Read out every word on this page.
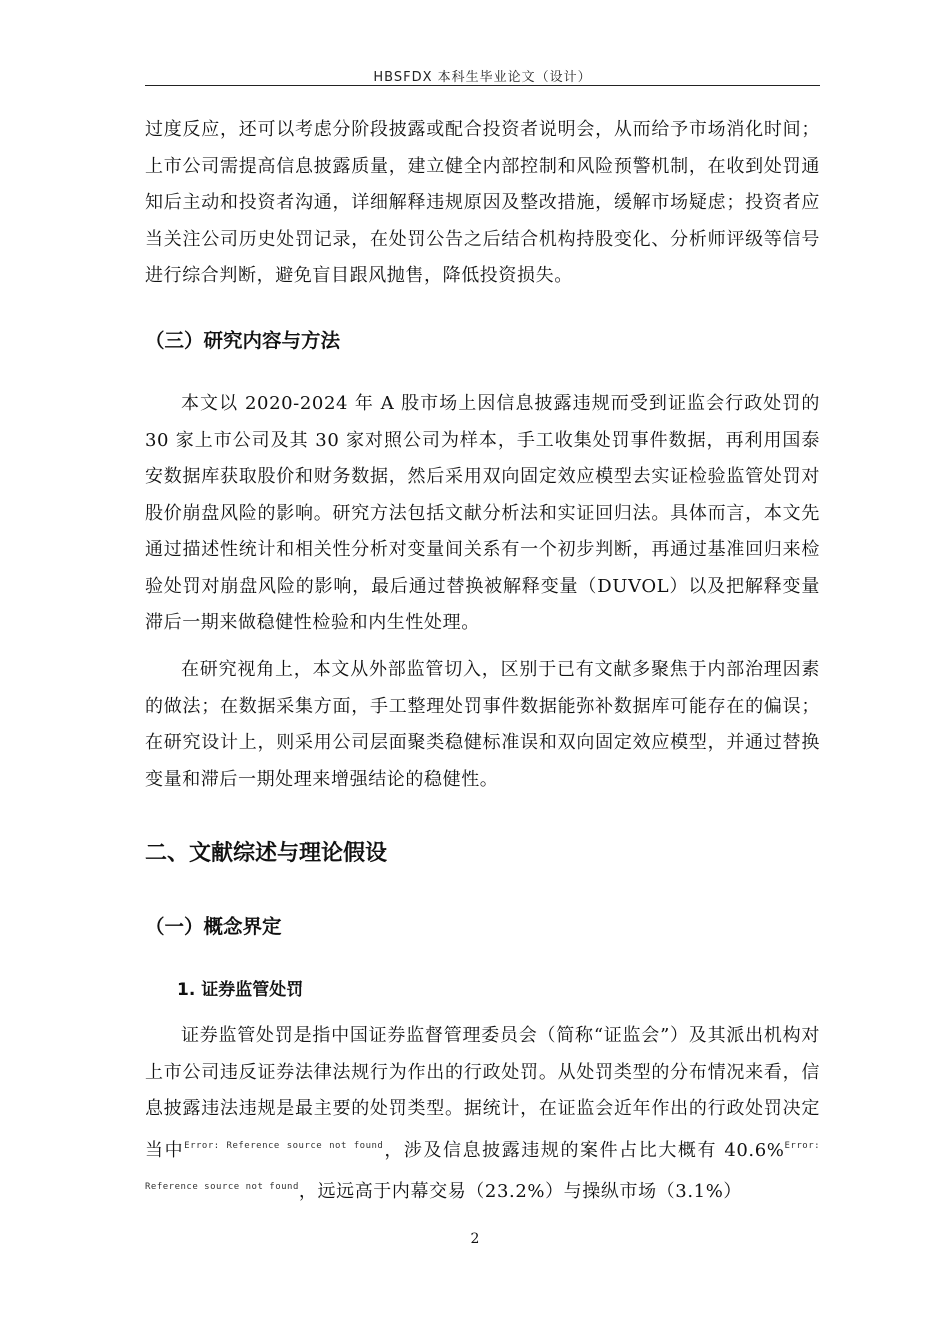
HBSFDX 本科生毕业论文（设计）

过度反应，还可以考虑分阶段披露或配合投资者说明会，从而给予市场消化时间；上市公司需提高信息披露质量，建立健全内部控制和风险预警机制，在收到处罚通知后主动和投资者沟通，详细解释违规原因及整改措施，缓解市场疑虑；投资者应当关注公司历史处罚记录，在处罚公告之后结合机构持股变化、分析师评级等信号进行综合判断，避免盲目跟风抛售，降低投资损失。

（三）研究内容与方法

本文以 2020-2024 年 A 股市场上因信息披露违规而受到证监会行政处罚的 30 家上市公司及其 30 家对照公司为样本，手工收集处罚事件数据，再利用国泰安数据库获取股价和财务数据，然后采用双向固定效应模型去实证检验监管处罚对股价崩盘风险的影响。研究方法包括文献分析法和实证回归法。具体而言，本文先通过描述性统计和相关性分析对变量间关系有一个初步判断，再通过基准回归来检验处罚对崩盘风险的影响，最后通过替换被解释变量（DUVOL）以及把解释变量滞后一期来做稳健性检验和内生性处理。

在研究视角上，本文从外部监管切入，区别于已有文献多聚焦于内部治理因素的做法；在数据采集方面，手工整理处罚事件数据能弥补数据库可能存在的偏误；在研究设计上，则采用公司层面聚类稳健标准误和双向固定效应模型，并通过替换变量和滞后一期处理来增强结论的稳健性。

二、文献综述与理论假设
（一）概念界定
1. 证券监管处罚

证券监管处罚是指中国证券监督管理委员会（简称“证监会”）及其派出机构对上市公司违反证券法律法规行为作出的行政处罚。从处罚类型的分布情况来看，信息披露违法违规是最主要的处罚类型。据统计，在证监会近年作出的行政处罚决定当中$^{Error: Reference source not found}$，涉及信息披露违规的案件占比大概有 40.6%$^{Error: Reference source not found}$，远远高于内幕交易（23.2%）与操纵市场（3.1%）

2
